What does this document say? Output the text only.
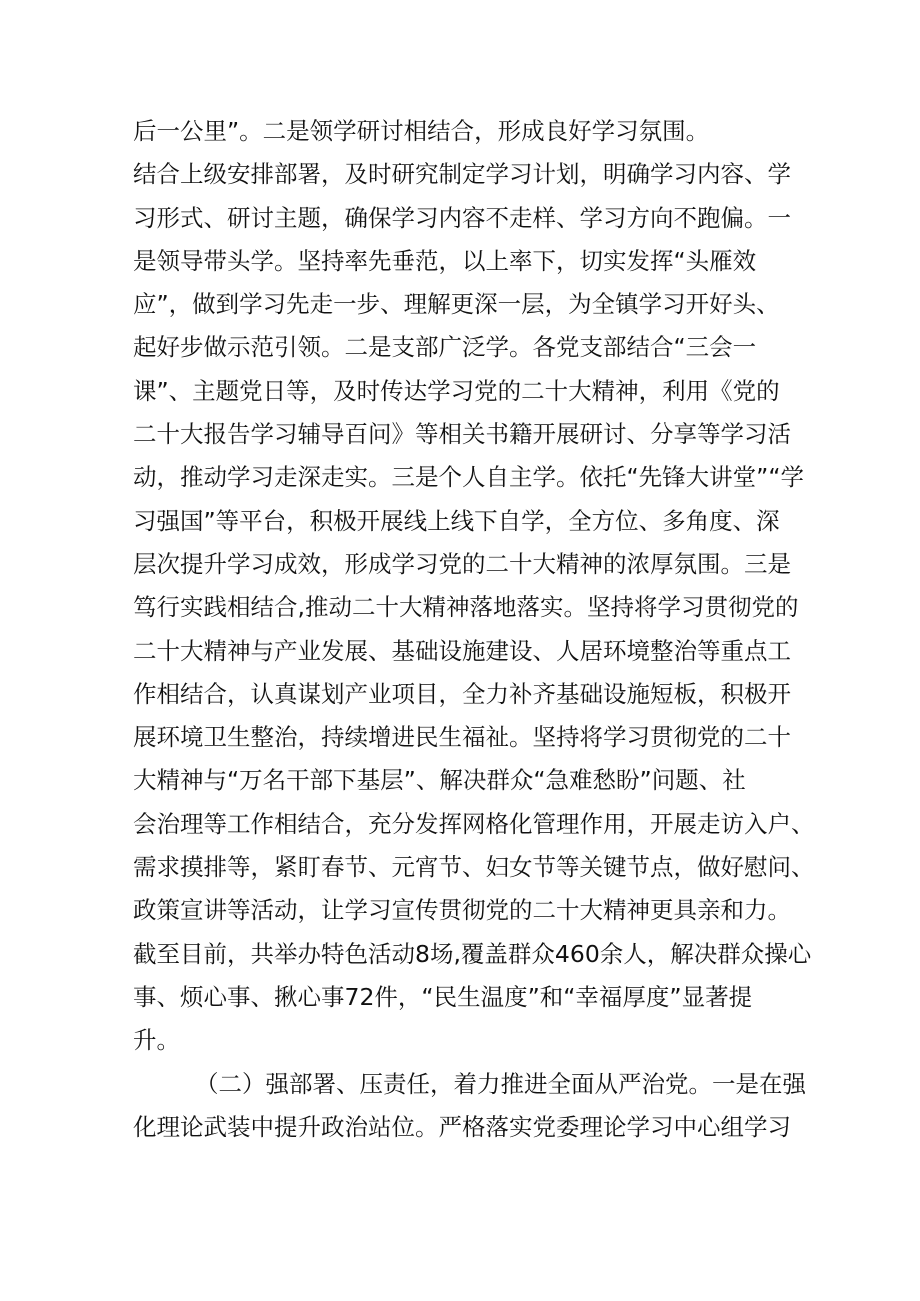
后一公里”。二是领学研讨相结合，形成良好学习氛围。
结合上级安排部署，及时研究制定学习计划，明确学习内容、学
习形式、研讨主题，确保学习内容不走样、学习方向不跑偏。一
是领导带头学。坚持率先垂范，以上率下，切实发挥“头雁效
应”，做到学习先走一步、理解更深一层，为全镇学习开好头、
起好步做示范引领。二是支部广泛学。各党支部结合“三会一
课”、主题党日等，及时传达学习党的二十大精神，利用《党的
二十大报告学习辅导百问》等相关书籍开展研讨、分享等学习活
动，推动学习走深走实。三是个人自主学。依托“先锋大讲堂”“学
习强国”等平台，积极开展线上线下自学，全方位、多角度、深
层次提升学习成效，形成学习党的二十大精神的浓厚氛围。三是
笃行实践相结合,推动二十大精神落地落实。坚持将学习贯彻党的
二十大精神与产业发展、基础设施建设、人居环境整治等重点工
作相结合，认真谋划产业项目，全力补齐基础设施短板，积极开
展环境卫生整治，持续增进民生福祉。坚持将学习贯彻党的二十
大精神与“万名干部下基层”、解决群众“急难愁盼”问题、社
会治理等工作相结合，充分发挥网格化管理作用，开展走访入户、
需求摸排等，紧盯春节、元宵节、妇女节等关键节点，做好慰问、
政策宣讲等活动，让学习宣传贯彻党的二十大精神更具亲和力。
截至目前，共举办特色活动8场,覆盖群众460余人，解决群众操心
事、烦心事、揪心事72件，“民生温度”和“幸福厚度”显著提
升。
（二）强部署、压责任，着力推进全面从严治党。一是在强
化理论武装中提升政治站位。严格落实党委理论学习中心组学习
